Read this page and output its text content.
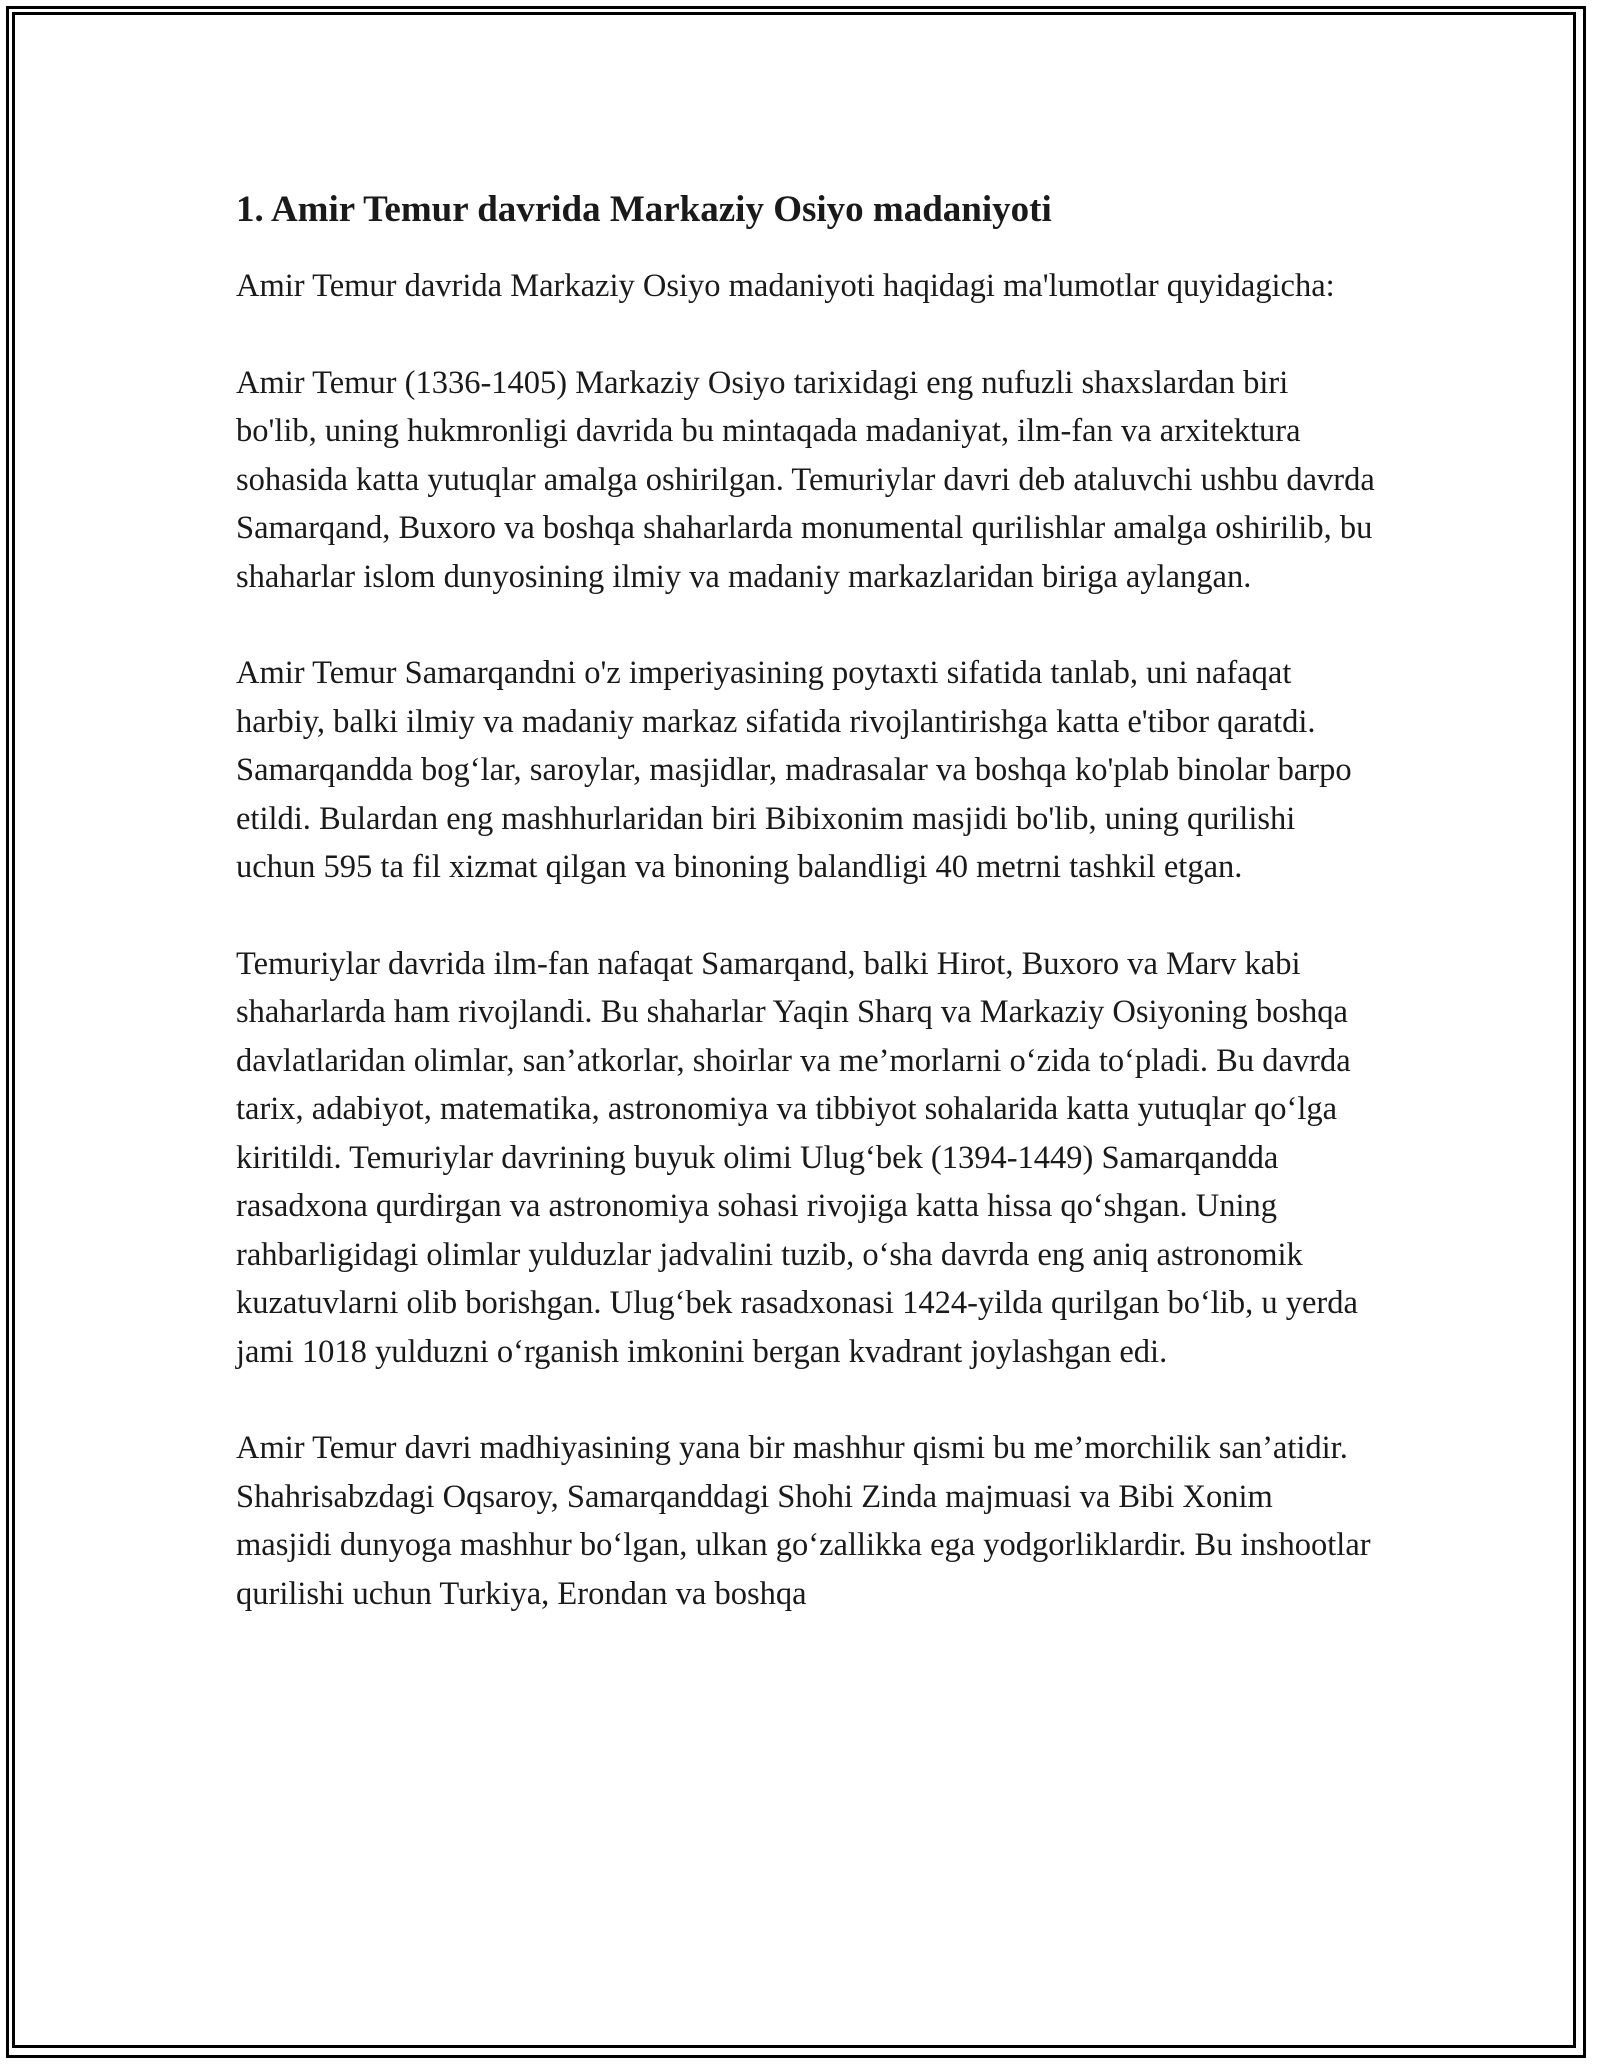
1. Amir Temur davrida Markaziy Osiyo madaniyoti

Amir Temur davrida Markaziy Osiyo madaniyoti haqidagi ma'lumotlar quyidagicha:

Amir Temur (1336-1405) Markaziy Osiyo tarixidagi eng nufuzli shaxslardan biri bo'lib, uning hukmronligi davrida bu mintaqada madaniyat, ilm-fan va arxitektura sohasida katta yutuqlar amalga oshirilgan. Temuriylar davri deb ataluvchi ushbu davrda Samarqand, Buxoro va boshqa shaharlarda monumental qurilishlar amalga oshirilib, bu shaharlar islom dunyosining ilmiy va madaniy markazlaridan biriga aylangan.

Amir Temur Samarqandni o'z imperiyasining poytaxti sifatida tanlab, uni nafaqat harbiy, balki ilmiy va madaniy markaz sifatida rivojlantirishga katta e'tibor qaratdi. Samarqandda bog‘lar, saroylar, masjidlar, madrasalar va boshqa ko'plab binolar barpo etildi. Bulardan eng mashhurlaridan biri Bibixonim masjidi bo'lib, uning qurilishi uchun 595 ta fil xizmat qilgan va binoning balandligi 40 metrni tashkil etgan.

Temuriylar davrida ilm-fan nafaqat Samarqand, balki Hirot, Buxoro va Marv kabi shaharlarda ham rivojlandi. Bu shaharlar Yaqin Sharq va Markaziy Osiyoning boshqa davlatlaridan olimlar, san’atkorlar, shoirlar va me’morlarni o‘zida to‘pladi. Bu davrda tarix, adabiyot, matematika, astronomiya va tibbiyot sohalarida katta yutuqlar qo‘lga kiritildi. Temuriylar davrining buyuk olimi Ulug‘bek (1394-1449) Samarqandda rasadxona qurdirgan va astronomiya sohasi rivojiga katta hissa qo‘shgan. Uning rahbarligidagi olimlar yulduzlar jadvalini tuzib, o‘sha davrda eng aniq astronomik kuzatuvlarni olib borishgan. Ulug‘bek rasadxonasi 1424-yilda qurilgan bo‘lib, u yerda jami 1018 yulduzni o‘rganish imkonini bergan kvadrant joylashgan edi.

Amir Temur davri madhiyasining yana bir mashhur qismi bu me’morchilik san’atidir. Shahrisabzdagi Oqsaroy, Samarqanddagi Shohi Zinda majmuasi va Bibi Xonim masjidi dunyoga mashhur bo‘lgan, ulkan go‘zallikka ega yodgorliklardir. Bu inshootlar qurilishi uchun Turkiya, Erondan va boshqa
